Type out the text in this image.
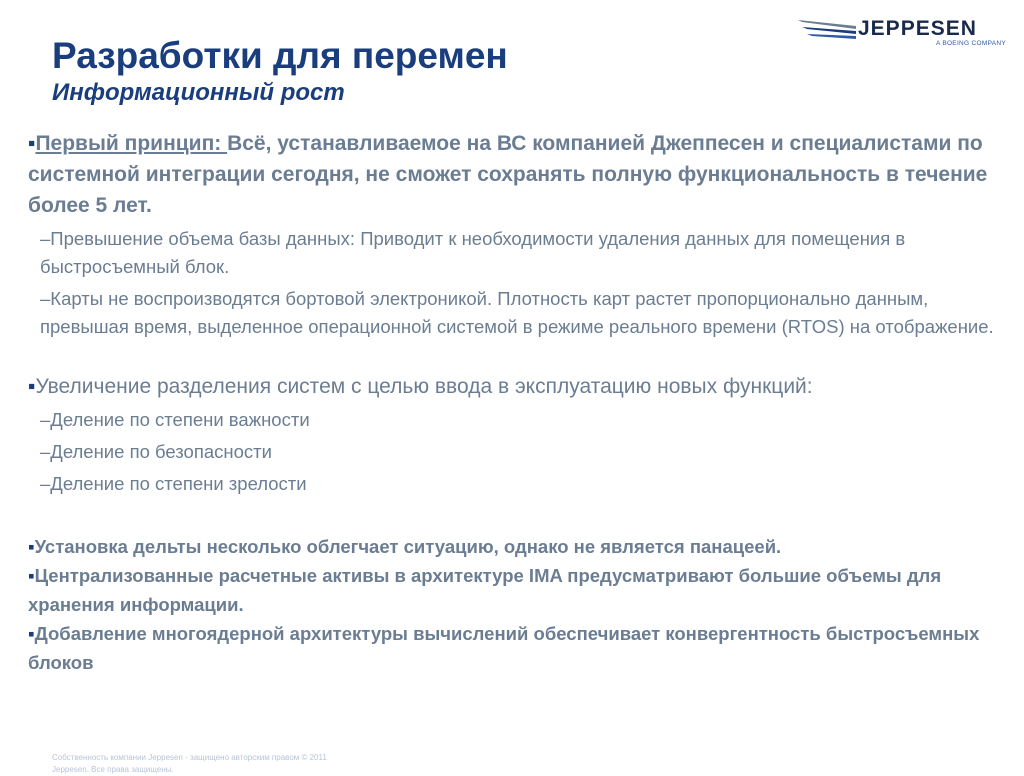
Разработки для перемен
Информационный рост
JEPPESEN
A BOEING COMPANY

▪Первый принцип: Всё, устанавливаемое на ВС компанией Джеппесен и специалистами по системной интеграции сегодня, не сможет сохранять полную функциональность в течение более 5 лет.

–Превышение объема базы данных: Приводит к необходимости удаления данных для помещения в быстросъемный блок.

–Карты не воспроизводятся бортовой электроникой. Плотность карт растет пропорционально данным, превышая время, выделенное операционной системой в режиме реального времени (RTOS) на отображение.

▪Увеличение разделения систем с целью ввода в эксплуатацию новых функций:

–Деление по степени важности

–Деление по безопасности

–Деление по степени зрелости

▪Установка дельты несколько облегчает ситуацию, однако не является панацеей.

▪Централизованные расчетные активы в архитектуре IMA предусматривают большие объемы для хранения информации.

▪Добавление многоядерной архитектуры вычислений обеспечивает конвергентность быстросъемных блоков

Собственность компании Jeppesen - защищено авторским правом © 2011 Jeppesen. Все права защищены.
